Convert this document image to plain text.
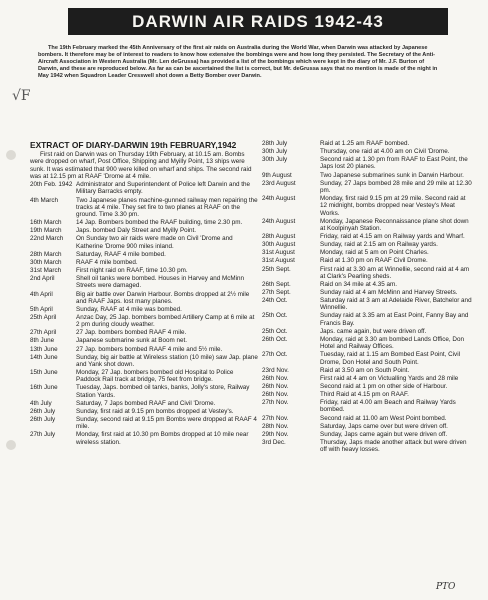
DARWIN AIR RAIDS 1942-43
√F

The 19th February marked the 45th Anniversary of the first air raids on Australia during the World War, when Darwin was attacked by Japanese bombers. It therefore may be of interest to readers to know how extensive the bombings were and how long they persisted. The Secretary of the Anti-Aircraft Association in Western Australia (Mr. Len deGrussa) has provided a list of the bombings which were kept in the diary of Mr. J.F. Burton of Darwin, and these are reproduced below. As far as can be ascertained the list is correct, but Mr. deGrussa says that no mention is made of the night in May 1942 when Squadron Leader Cresswell shot down a Betty Bomber over Darwin.

EXTRACT OF DIARY-DARWIN 19th FEBRUARY,1942
First raid on Darwin was on Thursday 19th February, at 10.15 am. Bombs were dropped on wharf, Post Office, Shipping and Myilly Point, 13 ships were sunk. It was estimated that 900 were killed on wharf and ships. The second raid was at 12.15 pm at RAAF 'Drome at 4 mile.
20th Feb. 1942 Administrator and Superintendent of Police left Darwin and the Military Barracks empty.
4th March	Two Japanese planes machine-gunned railway men repairing the tracks at 4 mile. They set fire to two planes at RAAF on the ground. Time 3.30 pm.
16th March	14 Jap. Bombers bombed the RAAF building, time 2.30 pm.
19th March	Japs. bombed Daly Street and Myilly Point.
22nd March	On Sunday two air raids were made on Civil 'Drome and Katherine 'Drome 900 miles inland.
28th March	Saturday, RAAF 4 mile bombed.
30th March	RAAF 4 mile bombed.
31st March	First night raid on RAAF, time 10.30 pm.
2nd April	Shell oil tanks were bombed. Houses in Harvey and McMinn Streets were damaged.
4th April	Big air battle over Darwin Harbour. Bombs dropped at 2½ mile and RAAF Japs. lost many planes.
5th April	Sunday, RAAF at 4 mile was bombed.
25th April	Anzac Day, 25 Jap. bombers bombed Artillery Camp at 6 mile at 2 pm during cloudy weather.
27th April	27 Jap. bombers bombed RAAF 4 mile.
8th June	Japanese submarine sunk at Boom net.
13th June	27 Jap. bombers bombed RAAF 4 mile and 5½ mile.
14th June	Sunday, big air battle at Wireless station (10 mile) saw Jap. plane and Yank shot down.
15th June	Monday, 27 Jap. bombers bombed old Hospital to Police Paddock Rail track at bridge, 75 feet from bridge.
16th June	Tuesday, Japs. bombed oil tanks, banks, Jolly's store, Railway Station Yards.
4th July	Saturday, 7 Japs bombed RAAF and Civil 'Drome.
26th July	Sunday, first raid at 9.15 pm bombs dropped at Vestey's.
26th July	Sunday, second raid at 9.15 pm Bombs were dropped at RAAF 4 mile.
27th July	Monday, first raid at 10.30 pm Bombs dropped at 10 mile near wireless station.
28th July	Raid at 1.25 am RAAF bombed.
30th July	Thursday, one raid at 4.00 am on Civil 'Drome.
30th July	Second raid at 1.30 pm from RAAF to East Point, the Japs lost 20 planes.
9th August	Two Japanese submarines sunk in Darwin Harbour.
23rd August	Sunday, 27 Japs bombed 28 mile and 29 mile at 12.30 pm.
24th August	Monday, first raid 9.15 pm at 29 mile. Second raid at 12 midnight, bombs dropped near Vestey's Meat Works.
24th August	Monday, Japanese Reconnaissance plane shot down at Koolpinyah Station.
28th August	Friday, raid at 4.15 am on Railway yards and Wharf.
30th August	Sunday, raid at 2.15 am on Railway yards.
31st August	Monday, raid at 5 am on Point Charles.
31st August	Raid at 1.30 pm on RAAF Civil Drome.
25th Sept.	First raid at 3.30 am at Winnellie, second raid at 4 am at Clark's Pearling sheds.
26th Sept.	Raid on 34 mile at 4.35 am.
27th Sept.	Sunday raid at 4 am McMinn and Harvey Streets.
24th Oct.	Saturday raid at 3 am at Adelaide River, Batchelor and Winnellie.
25th Oct.	Sunday raid at 3.35 am at East Point, Fanny Bay and Francis Bay.
25th Oct.	Japs. came again, but were driven off.
26th Oct.	Monday, raid at 3.30 am bombed Lands Office, Don Hotel and Railway Offices.
27th Oct.	Tuesday, raid at 1.15 am Bombed East Point, Civil Drome, Don Hotel and South Point.
23rd Nov.	Raid at 3.50 am on South Point.
26th Nov.	First raid at 4 am on Victualling Yards and 28 mile
26th Nov.	Second raid at 1 pm on other side of Harbour.
26th Nov.	Third Raid at 4.15 pm on RAAF.
27th Nov.	Friday, raid at 4.00 am Beach and Railway Yards bombed.
27th Nov.	Second raid at 11.00 am West Point bombed.
28th Nov.	Saturday, Japs came over but were driven off.
29th Nov.	Sunday, Japs came again but were driven off.
3rd Dec.	Thursday, Japs made another attack but were driven off with heavy losses.
PTO
